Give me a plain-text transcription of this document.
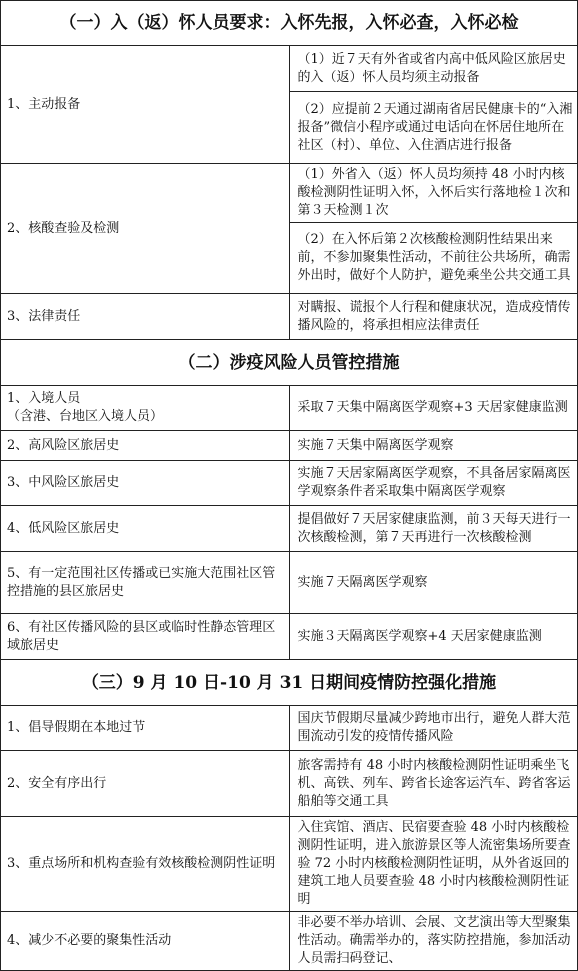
（一）入（返）怀人员要求：入怀先报，入怀必查，入怀必检	
1、主动报备	（1）近７天有外省或省内高中低风险区旅居史的入（返）怀人员均须主动报备
	（2）应提前２天通过湖南省居民健康卡的“入湘报备”微信小程序或通过电话向在怀居住地所在社区（村）、单位、入住酒店进行报备
2、核酸查验及检测	（1）外省入（返）怀人员均须持 48 小时内核酸检测阴性证明入怀，入怀后实行落地检１次和第３天检测１次
	（2）在入怀后第２次核酸检测阴性结果出来前，不参加聚集性活动，不前往公共场所，确需外出时，做好个人防护，避免乘坐公共交通工具
3、法律责任	对瞒报、谎报个人行程和健康状况，造成疫情传播风险的，将承担相应法律责任
（二）涉疫风险人员管控措施	
1、入境人员
（含港、台地区入境人员）	采取７天集中隔离医学观察+3 天居家健康监测
2、高风险区旅居史	实施７天集中隔离医学观察
3、中风险区旅居史	实施７天居家隔离医学观察，不具备居家隔离医学观察条件者采取集中隔离医学观察
4、低风险区旅居史	提倡做好７天居家健康监测，前３天每天进行一次核酸检测，第７天再进行一次核酸检测
5、有一定范围社区传播或已实施大范围社区管控措施的县区旅居史	实施７天隔离医学观察
6、有社区传播风险的县区或临时性静态管理区域旅居史	实施３天隔离医学观察+4 天居家健康监测
（三）9 月 10 日-10 月 31 日期间疫情防控强化措施	
1、倡导假期在本地过节	国庆节假期尽量减少跨地市出行，避免人群大范围流动引发的疫情传播风险
2、安全有序出行	旅客需持有 48 小时内核酸检测阴性证明乘坐飞机、高铁、列车、跨省长途客运汽车、跨省客运船舶等交通工具
3、重点场所和机构查验有效核酸检测阴性证明	入住宾馆、酒店、民宿要查验 48 小时内核酸检测阴性证明，进入旅游景区等人流密集场所要查验 72 小时内核酸检测阴性证明，从外省返回的建筑工地人员要查验 48 小时内核酸检测阴性证明
4、减少不必要的聚集性活动	非必要不举办培训、会展、文艺演出等大型聚集性活动。确需举办的，落实防控措施，参加活动人员需扫码登记、
